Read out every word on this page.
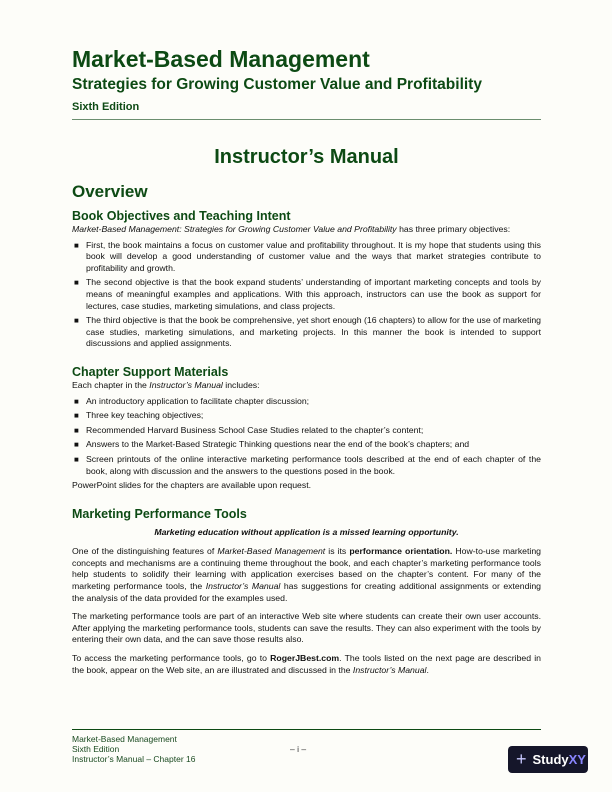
Market-Based Management
Strategies for Growing Customer Value and Profitability
Sixth Edition
Instructor’s Manual
Overview
Book Objectives and Teaching Intent

Market-Based Management: Strategies for Growing Customer Value and Profitability has three primary objectives:

■ First, the book maintains a focus on customer value and profitability throughout. It is my hope that students using this book will develop a good understanding of customer value and the ways that market strategies contribute to profitability and growth.
■ The second objective is that the book expand students’ understanding of important marketing concepts and tools by means of meaningful examples and applications. With this approach, instructors can use the book as support for lectures, case studies, marketing simulations, and class projects.
■ The third objective is that the book be comprehensive, yet short enough (16 chapters) to allow for the use of marketing case studies, marketing simulations, and marketing projects. In this manner the book is intended to support discussions and applied assignments.
Chapter Support Materials

Each chapter in the Instructor’s Manual includes:

■ An introductory application to facilitate chapter discussion;
■ Three key teaching objectives;
■ Recommended Harvard Business School Case Studies related to the chapter’s content;
■ Answers to the Market-Based Strategic Thinking questions near the end of the book’s chapters; and
■ Screen printouts of the online interactive marketing performance tools described at the end of each chapter of the book, along with discussion and the answers to the questions posed in the book.

PowerPoint slides for the chapters are available upon request.

Marketing Performance Tools

Marketing education without application is a missed learning opportunity.

One of the distinguishing features of Market-Based Management is its performance orientation. How-to-use marketing concepts and mechanisms are a continuing theme throughout the book, and each chapter’s marketing performance tools help students to solidify their learning with application exercises based on the chapter’s content. For many of the marketing performance tools, the Instructor’s Manual has suggestions for creating additional assignments or extending the analysis of the data provided for the examples used.

The marketing performance tools are part of an interactive Web site where students can create their own user accounts. After applying the marketing performance tools, students can save the results. They can also experiment with the tools by entering their own data, and the can save those results also.

To access the marketing performance tools, go to RogerJBest.com. The tools listed on the next page are described in the book, appear on the Web site, an are illustrated and discussed in the Instructor’s Manual.

Market-Based Management
Sixth Edition
Instructor’s Manual – Chapter 16
– i –	+ StudyXY
